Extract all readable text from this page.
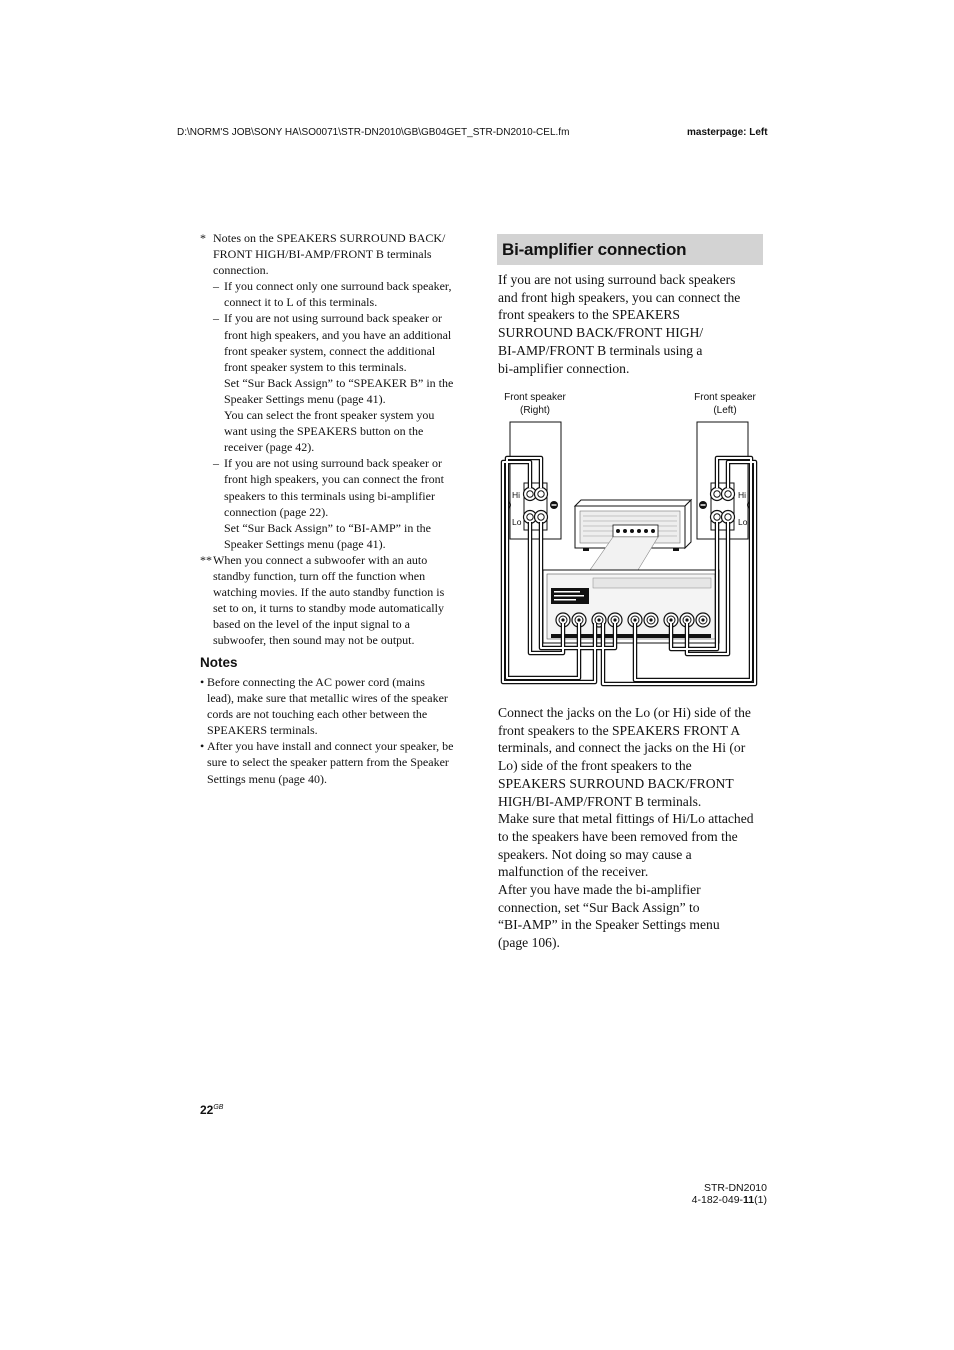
D:\NORM'S JOB\SONY HA\SO0071\STR-DN2010\GB\GB04GET_STR-DN2010-CEL.fm	masterpage: Left
* Notes on the SPEAKERS SURROUND BACK/
FRONT HIGH/BI-AMP/FRONT B terminals
connection.
– If you connect only one surround back speaker,
connect it to L of this terminals.
– If you are not using surround back speaker or
front high speakers, and you have an additional
front speaker system, connect the additional
front speaker system to this terminals.
Set “Sur Back Assign” to “SPEAKER B” in the
Speaker Settings menu (page 41).
You can select the front speaker system you
want using the SPEAKERS button on the
receiver (page 42).
– If you are not using surround back speaker or
front high speakers, you can connect the front
speakers to this terminals using bi-amplifier
connection (page 22).
Set “Sur Back Assign” to “BI-AMP” in the
Speaker Settings menu (page 41).
** When you connect a subwoofer with an auto
standby function, turn off the function when
watching movies. If the auto standby function is
set to on, it turns to standby mode automatically
based on the level of the input signal to a
subwoofer, then sound may not be output.
Notes
• Before connecting the AC power cord (mains
lead), make sure that metallic wires of the speaker
cords are not touching each other between the
SPEAKERS terminals.
• After you have install and connect your speaker, be
sure to select the speaker pattern from the Speaker
Settings menu (page 40).
Bi-amplifier connection
If you are not using surround back speakers
and front high speakers, you can connect the
front speakers to the SPEAKERS
SURROUND BACK/FRONT HIGH/
BI-AMP/FRONT B terminals using a
bi-amplifier connection.
Front speaker
(Right)
Front speaker
(Left)
Hi
Lo
Hi
Lo
Connect the jacks on the Lo (or Hi) side of the
front speakers to the SPEAKERS FRONT A
terminals, and connect the jacks on the Hi (or
Lo) side of the front speakers to the
SPEAKERS SURROUND BACK/FRONT
HIGH/BI-AMP/FRONT B terminals.
Make sure that metal fittings of Hi/Lo attached
to the speakers have been removed from the
speakers. Not doing so may cause a
malfunction of the receiver.
After you have made the bi-amplifier
connection, set “Sur Back Assign” to
“BI-AMP” in the Speaker Settings menu
(page 106).
$22^{GB}$
STR-DN2010
4-182-049-11(1)
